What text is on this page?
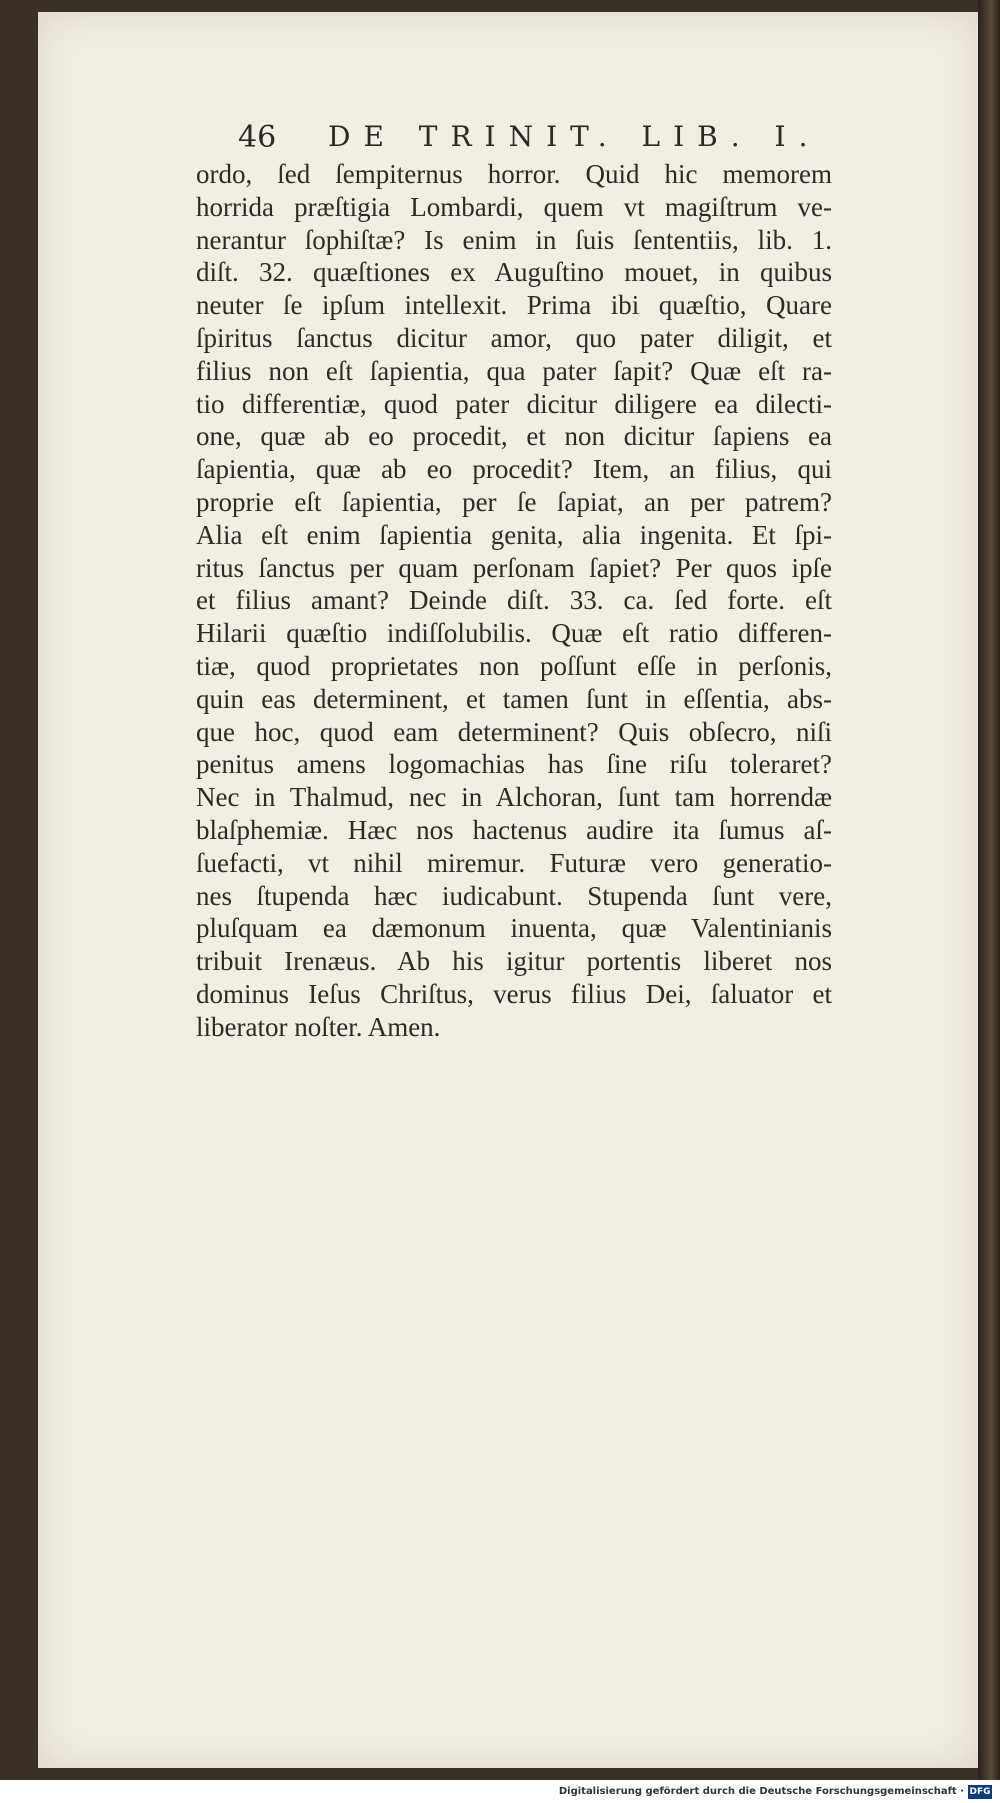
46 DE TRINIT. LIB. I.
ordo, ſed ſempiternus horror. Quid hic memorem
horrida præſtigia Lombardi, quem vt magiſtrum ve-
nerantur ſophiſtæ? Is enim in ſuis ſententiis, lib. 1.
diſt. 32. quæſtiones ex Auguſtino mouet, in quibus
neuter ſe ipſum intellexit. Prima ibi quæſtio, Quare
ſpiritus ſanctus dicitur amor, quo pater diligit, et
filius non eſt ſapientia, qua pater ſapit? Quæ eſt ra-
tio differentiæ, quod pater dicitur diligere ea dilecti-
one, quæ ab eo procedit, et non dicitur ſapiens ea
ſapientia, quæ ab eo procedit? Item, an filius, qui
proprie eſt ſapientia, per ſe ſapiat, an per patrem?
Alia eſt enim ſapientia genita, alia ingenita. Et ſpi-
ritus ſanctus per quam perſonam ſapiet? Per quos ipſe
et filius amant? Deinde diſt. 33. ca. ſed forte. eſt
Hilarii quæſtio indiſſolubilis. Quæ eſt ratio differen-
tiæ, quod proprietates non poſſunt eſſe in perſonis,
quin eas determinent, et tamen ſunt in eſſentia, abs-
que hoc, quod eam determinent? Quis obſecro, niſi
penitus amens logomachias has ſine riſu toleraret?
Nec in Thalmud, nec in Alchoran, ſunt tam horrendæ
blaſphemiæ. Hæc nos hactenus audire ita ſumus aſ-
ſuefacti, vt nihil miremur. Futuræ vero generatio-
nes ſtupenda hæc iudicabunt. Stupenda ſunt vere,
pluſquam ea dæmonum inuenta, quæ Valentinianis
tribuit Irenæus. Ab his igitur portentis liberet nos
dominus Ieſus Chriſtus, verus filius Dei, ſaluator et
liberator noſter. Amen.
Digitalisierung gefördert durch die Deutsche Forschungsgemeinschaft · DFG
